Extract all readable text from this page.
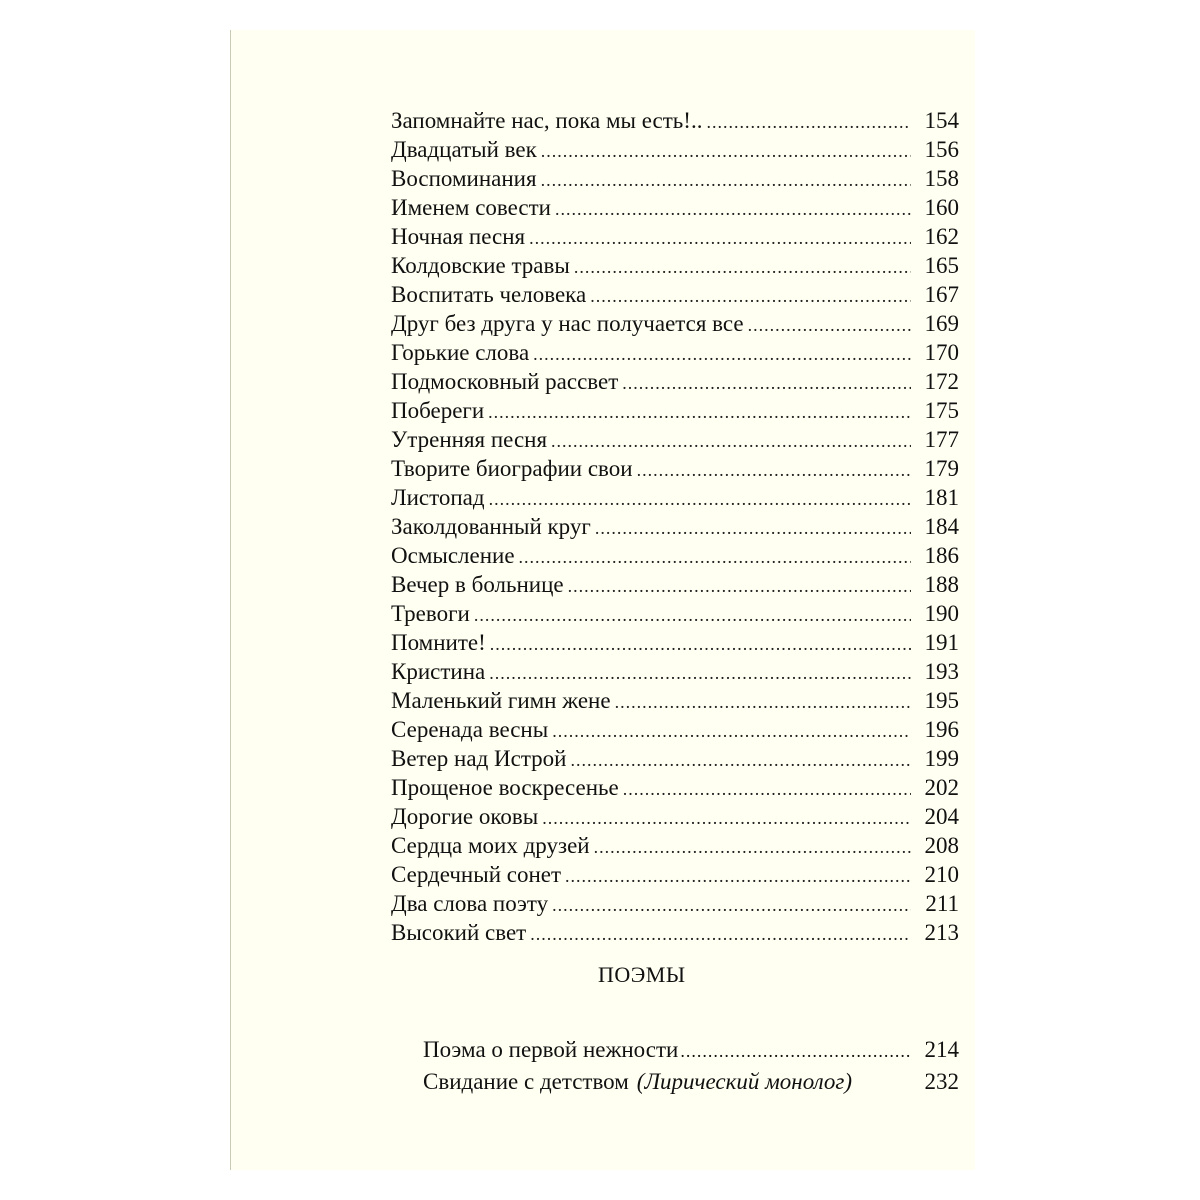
Запомнайте нас, пока мы есть!.. .....	154
Двадцатый век .....	156
Воспоминания .....	158
Именем совести .....	160
Ночная песня .....	162
Колдовские травы .....	165
Воспитать человека .....	167
Друг без друга у нас получается все .....	169
Горькие слова .....	170
Подмосковный рассвет .....	172
Побереги .....	175
Утренняя песня .....	177
Творите биографии свои .....	179
Листопад .....	181
Заколдованный круг .....	184
Осмысление .....	186
Вечер в больнице .....	188
Тревоги .....	190
Помните! .....	191
Кристина .....	193
Маленький гимн жене .....	195
Серенада весны .....	196
Ветер над Истрой .....	199
Прощеное воскресенье .....	202
Дорогие оковы .....	204
Сердца моих друзей .....	208
Сердечный сонет .....	210
Два слова поэту .....	211
Высокий свет .....	213
ПОЭМЫ
Поэма о первой нежности .....	214
Свидание с детством (Лирический монолог)	232
